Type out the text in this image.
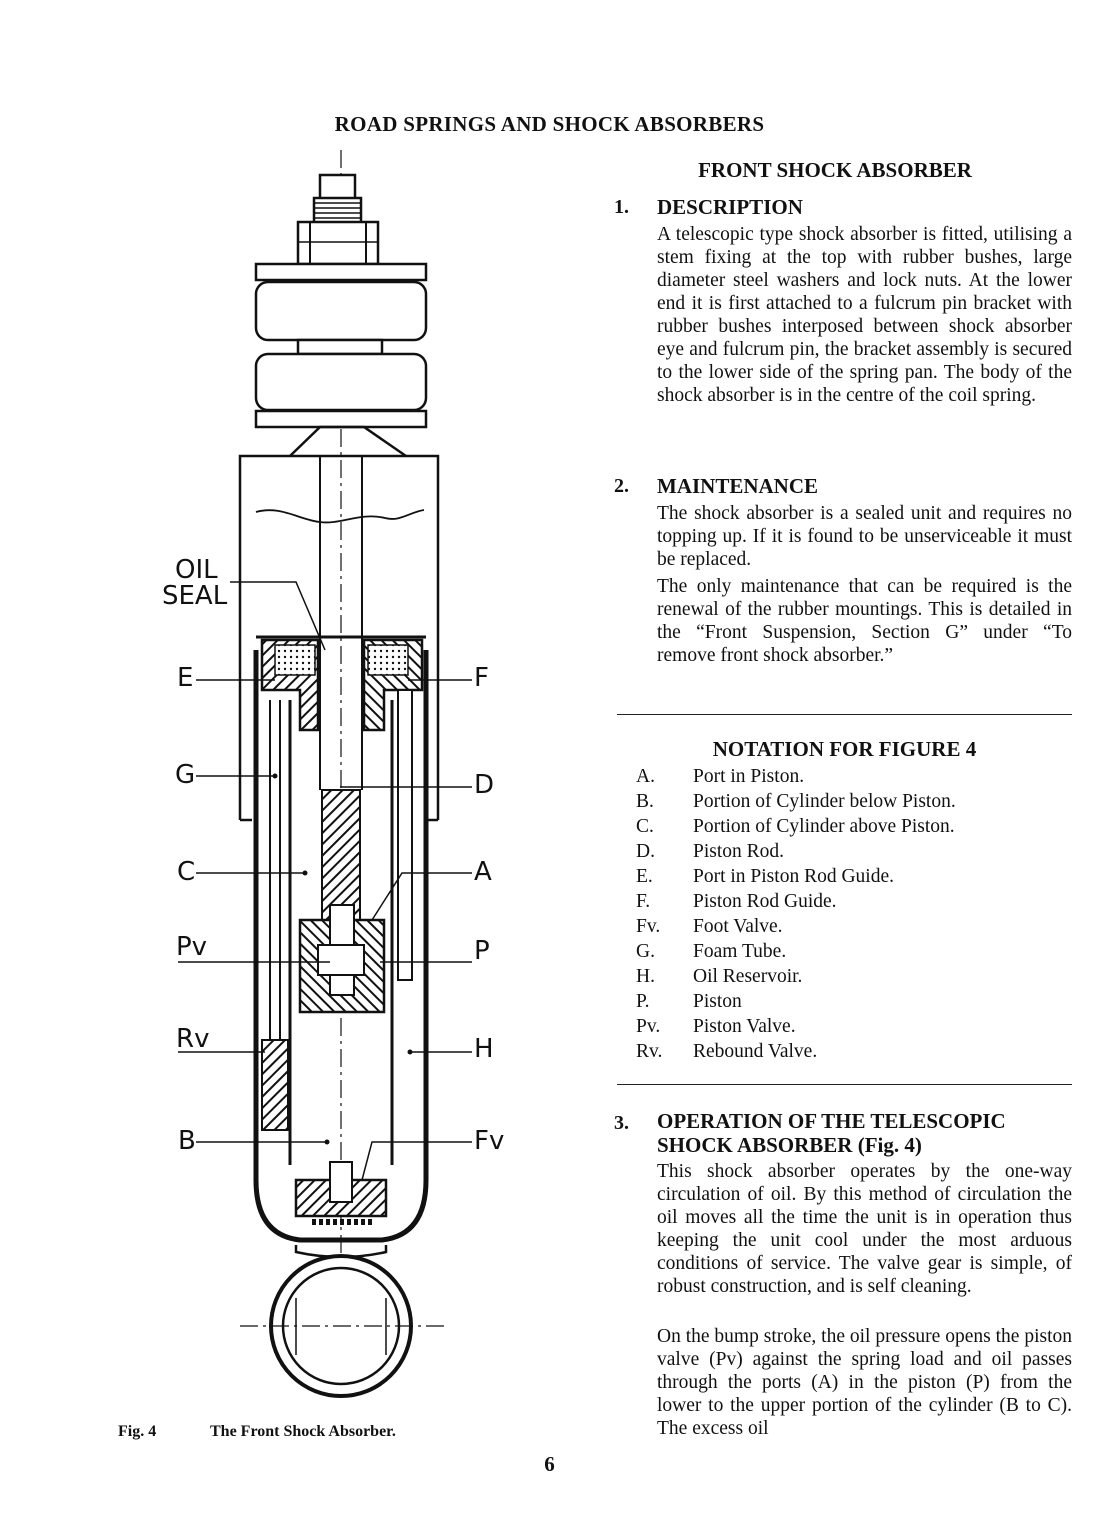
ROAD SPRINGS AND SHOCK ABSORBERS
OIL
SEAL
E	F
G	D
C	A
Pv	P
Rv	H
B	Fv
Fig. 4	The Front Shock Absorber.
FRONT SHOCK ABSORBER
1. DESCRIPTION
A telescopic type shock absorber is fitted, utilising a stem fixing at the top with rubber bushes, large diameter steel washers and lock nuts. At the lower end it is first attached to a fulcrum pin bracket with rubber bushes interposed between shock absorber eye and fulcrum pin, the bracket assembly is secured to the lower side of the spring pan. The body of the shock absorber is in the centre of the coil spring.
2. MAINTENANCE
The shock absorber is a sealed unit and requires no topping up. If it is found to be unserviceable it must be replaced.
The only maintenance that can be required is the renewal of the rubber mountings. This is detailed in the “Front Suspension, Section G” under “To remove front shock absorber.”
NOTATION FOR FIGURE 4
A.	Port in Piston.
B.	Portion of Cylinder below Piston.
C.	Portion of Cylinder above Piston.
D.	Piston Rod.
E.	Port in Piston Rod Guide.
F.	Piston Rod Guide.
Fv.	Foot Valve.
G.	Foam Tube.
H.	Oil Reservoir.
P.	Piston
Pv.	Piston Valve.
Rv.	Rebound Valve.
3. OPERATION OF THE TELESCOPIC
SHOCK ABSORBER (Fig. 4)
This shock absorber operates by the one-way circulation of oil. By this method of circulation the oil moves all the time the unit is in operation thus keeping the unit cool under the most arduous conditions of service. The valve gear is simple, of robust construction, and is self cleaning.
On the bump stroke, the oil pressure opens the piston valve (Pv) against the spring load and oil passes through the ports (A) in the piston (P) from the lower to the upper portion of the cylinder (B to C). The excess oil
6
